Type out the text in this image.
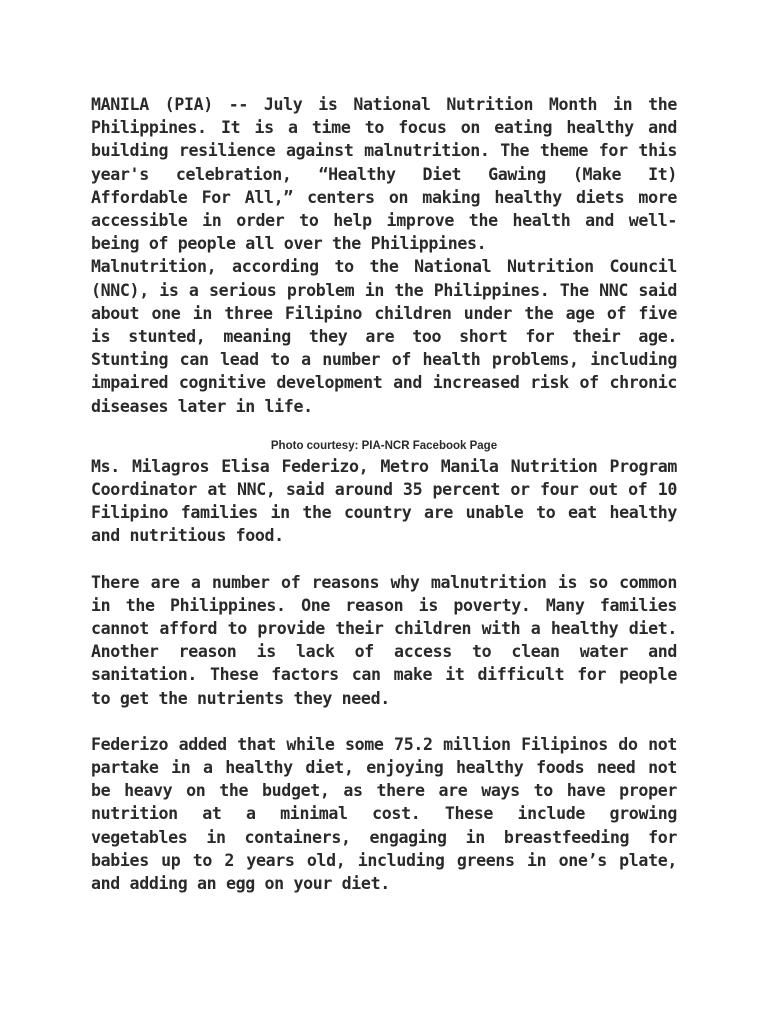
MANILA (PIA) -- July is National Nutrition Month in the Philippines. It is a time to focus on eating healthy and building resilience against malnutrition. The theme for this year's celebration, “Healthy Diet Gawing (Make It) Affordable For All,” centers on making healthy diets more accessible in order to help improve the health and well-being of people all over the Philippines.

Malnutrition, according to the National Nutrition Council (NNC), is a serious problem in the Philippines. The NNC said about one in three Filipino children under the age of five is stunted, meaning they are too short for their age. Stunting can lead to a number of health problems, including impaired cognitive development and increased risk of chronic diseases later in life.

Photo courtesy: PIA-NCR Facebook Page

Ms. Milagros Elisa Federizo, Metro Manila Nutrition Program Coordinator at NNC, said around 35 percent or four out of 10 Filipino families in the country are unable to eat healthy and nutritious food.

There are a number of reasons why malnutrition is so common in the Philippines. One reason is poverty. Many families cannot afford to provide their children with a healthy diet. Another reason is lack of access to clean water and sanitation. These factors can make it difficult for people to get the nutrients they need.

Federizo added that while some 75.2 million Filipinos do not partake in a healthy diet, enjoying healthy foods need not be heavy on the budget, as there are ways to have proper nutrition at a minimal cost. These include growing vegetables in containers, engaging in breastfeeding for babies up to 2 years old, including greens in one’s plate, and adding an egg on your diet.
